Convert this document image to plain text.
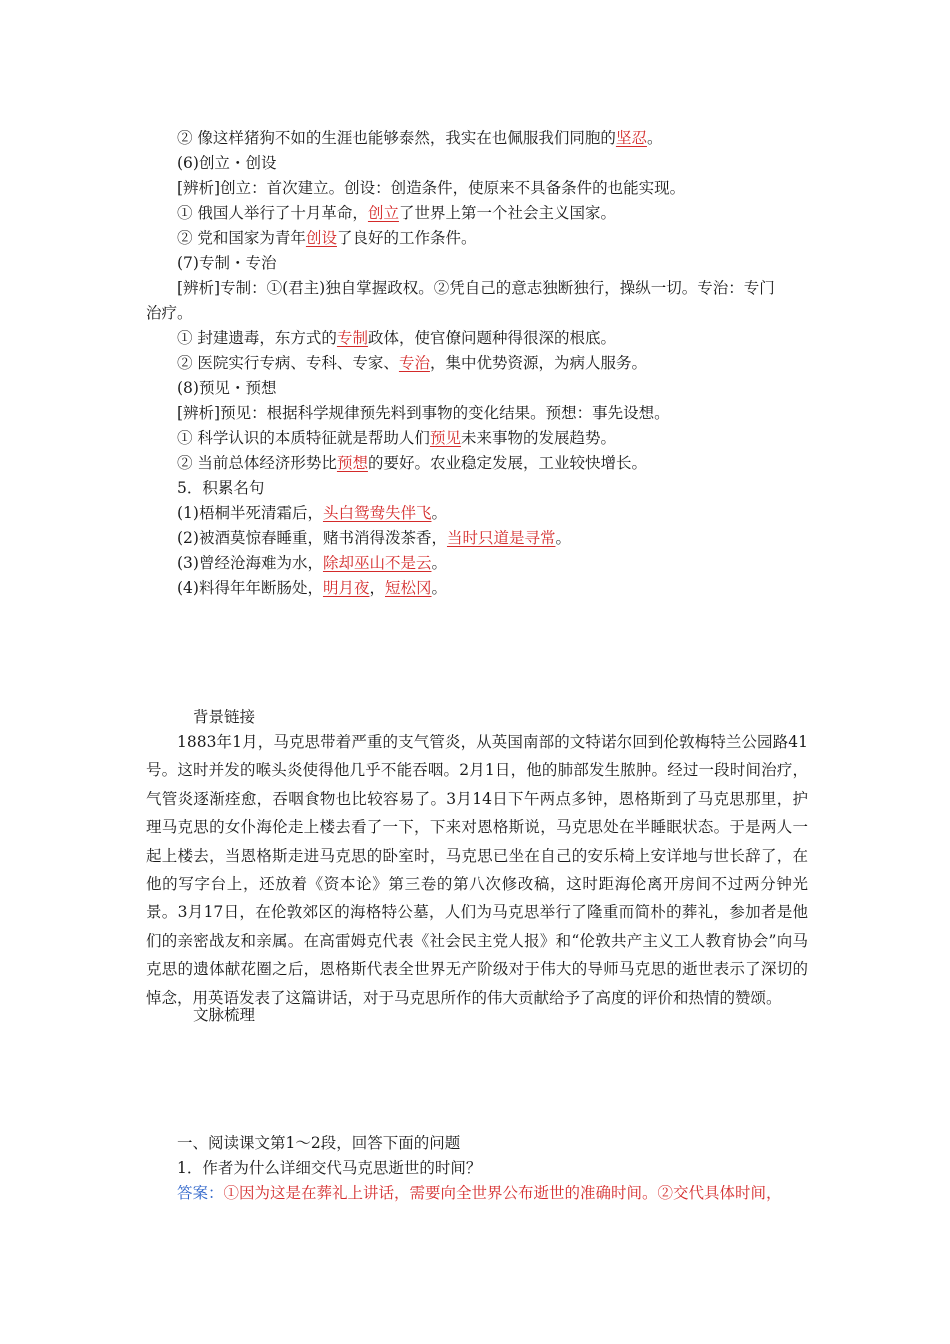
② 像这样猪狗不如的生涯也能够泰然，我实在也佩服我们同胞的坚忍。
(6)创立・创设
[辨析]创立：首次建立。创设：创造条件，使原来不具备条件的也能实现。
① 俄国人举行了十月革命，创立了世界上第一个社会主义国家。
② 党和国家为青年创设了良好的工作条件。
(7)专制・专治
[辨析]专制：①(君主)独自掌握政权。②凭自己的意志独断独行，操纵一切。专治：专门
治疗。
① 封建遗毒，东方式的专制政体，使官僚问题种得很深的根底。
② 医院实行专病、专科、专家、专治，集中优势资源，为病人服务。
(8)预见・预想
[辨析]预见：根据科学规律预先料到事物的变化结果。预想：事先设想。
① 科学认识的本质特征就是帮助人们预见未来事物的发展趋势。
② 当前总体经济形势比预想的要好。农业稳定发展，工业较快增长。
5．积累名句
(1)梧桐半死清霜后，头白鸳鸯失伴飞。
(2)被酒莫惊春睡重，赌书消得泼茶香，当时只道是寻常。
(3)曾经沧海难为水，除却巫山不是云。
(4)料得年年断肠处，明月夜，短松冈。
背景链接
1883年1月，马克思带着严重的支气管炎，从英国南部的文特诺尔回到伦敦梅特兰公园路41号。这时并发的喉头炎使得他几乎不能吞咽。2月1日，他的肺部发生脓肿。经过一段时间治疗，气管炎逐渐痊愈，吞咽食物也比较容易了。3月14日下午两点多钟，恩格斯到了马克思那里，护理马克思的女仆海伦走上楼去看了一下，下来对恩格斯说，马克思处在半睡眠状态。于是两人一起上楼去，当恩格斯走进马克思的卧室时，马克思已坐在自己的安乐椅上安详地与世长辞了，在他的写字台上，还放着《资本论》第三卷的第八次修改稿，这时距海伦离开房间不过两分钟光景。3月17日，在伦敦郊区的海格特公墓，人们为马克思举行了隆重而简朴的葬礼，参加者是他们的亲密战友和亲属。在高雷姆克代表《社会民主党人报》和“伦敦共产主义工人教育协会”向马克思的遗体献花圈之后，恩格斯代表全世界无产阶级对于伟大的导师马克思的逝世表示了深切的悼念，用英语发表了这篇讲话，对于马克思所作的伟大贡献给予了高度的评价和热情的赞颂。
文脉梳理
一、阅读课文第1～2段，回答下面的问题
1．作者为什么详细交代马克思逝世的时间？
答案：①因为这是在葬礼上讲话，需要向全世界公布逝世的准确时间。②交代具体时间，
